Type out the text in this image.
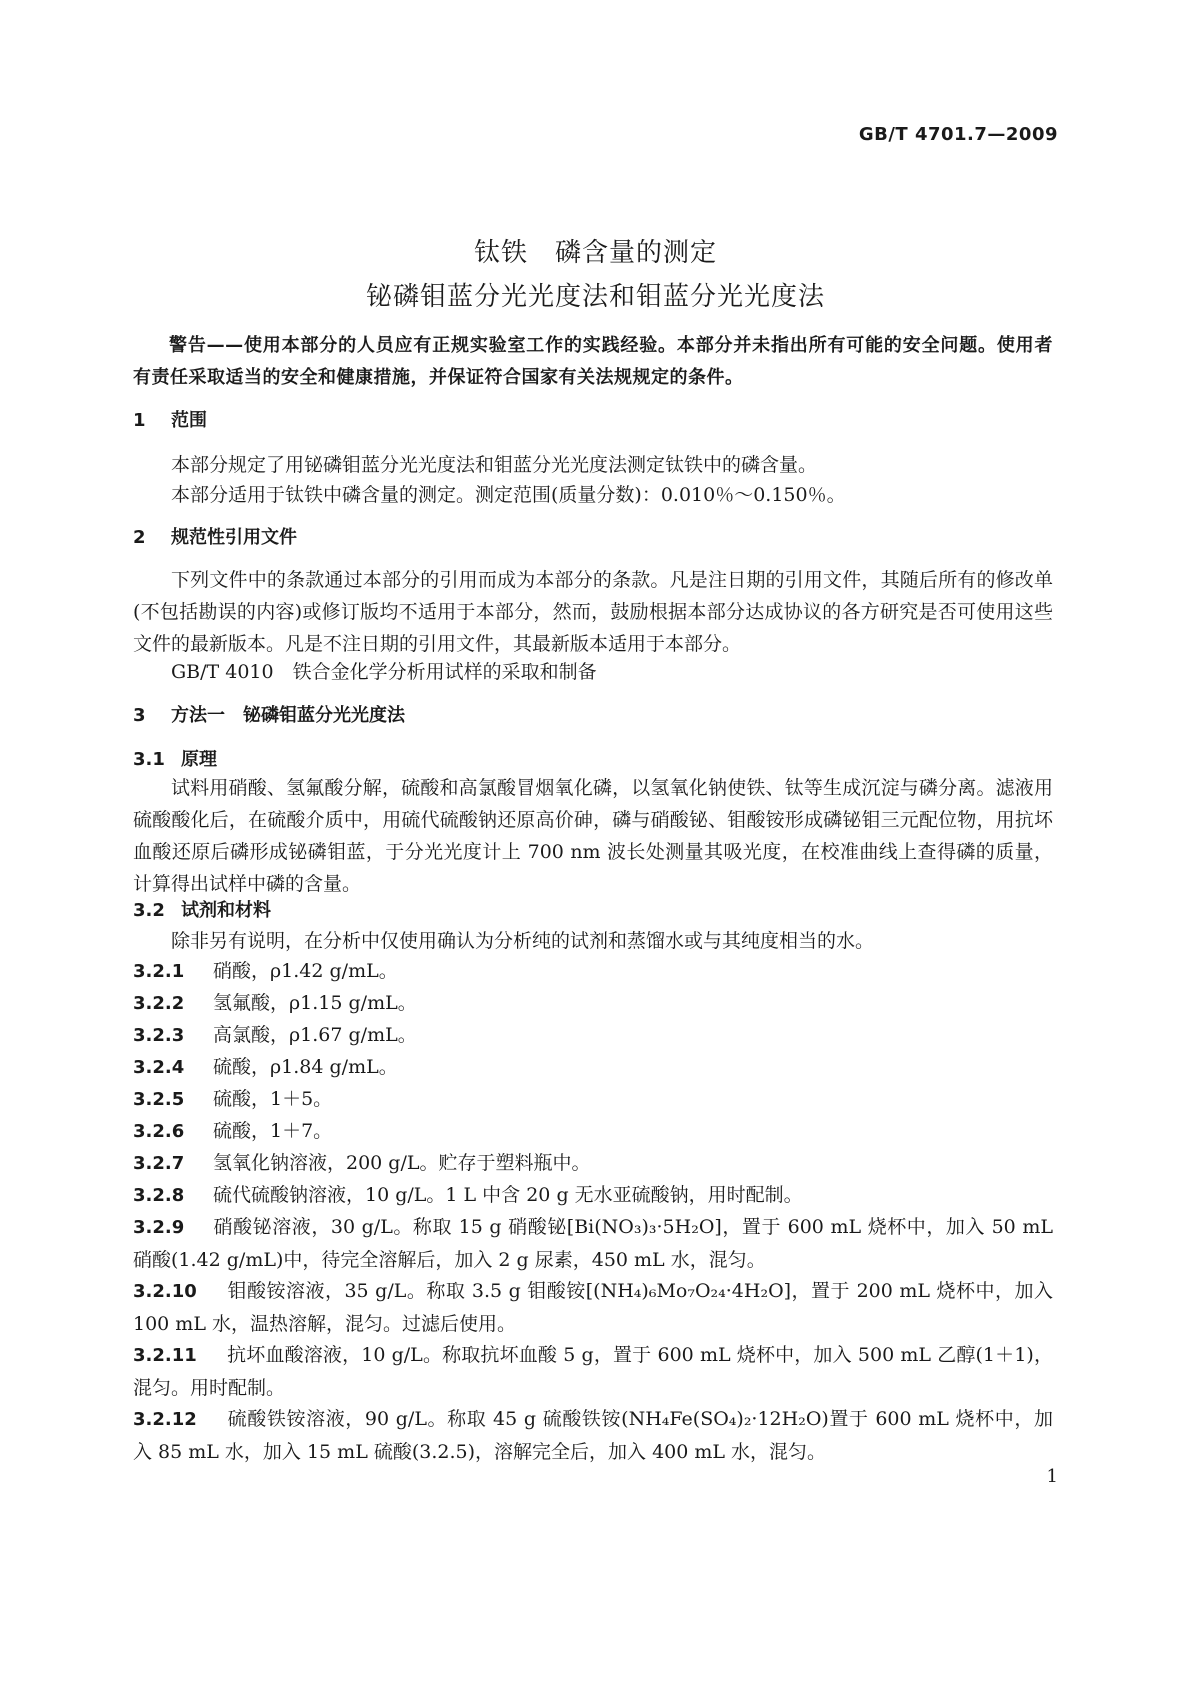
GB/T 4701.7—2009
钛铁　磷含量的测定
铋磷钼蓝分光光度法和钼蓝分光光度法
警告——使用本部分的人员应有正规实验室工作的实践经验。本部分并未指出所有可能的安全问题。使用者有责任采取适当的安全和健康措施，并保证符合国家有关法规规定的条件。
1 范围
本部分规定了用铋磷钼蓝分光光度法和钼蓝分光光度法测定钛铁中的磷含量。
本部分适用于钛铁中磷含量的测定。测定范围(质量分数)：0.010％～0.150％。
2 规范性引用文件
下列文件中的条款通过本部分的引用而成为本部分的条款。凡是注日期的引用文件，其随后所有的修改单(不包括勘误的内容)或修订版均不适用于本部分，然而，鼓励根据本部分达成协议的各方研究是否可使用这些文件的最新版本。凡是不注日期的引用文件，其最新版本适用于本部分。
GB/T 4010　铁合金化学分析用试样的采取和制备
3 方法一　铋磷钼蓝分光光度法
3.1 原理
试料用硝酸、氢氟酸分解，硫酸和高氯酸冒烟氧化磷，以氢氧化钠使铁、钛等生成沉淀与磷分离。滤液用硫酸酸化后，在硫酸介质中，用硫代硫酸钠还原高价砷，磷与硝酸铋、钼酸铵形成磷铋钼三元配位物，用抗坏血酸还原后磷形成铋磷钼蓝，于分光光度计上 700 nm 波长处测量其吸光度，在校准曲线上查得磷的质量，计算得出试样中磷的含量。
3.2 试剂和材料
除非另有说明，在分析中仅使用确认为分析纯的试剂和蒸馏水或与其纯度相当的水。
3.2.1 硝酸，ρ1.42 g/mL。
3.2.2 氢氟酸，ρ1.15 g/mL。
3.2.3 高氯酸，ρ1.67 g/mL。
3.2.4 硫酸，ρ1.84 g/mL。
3.2.5 硫酸，1＋5。
3.2.6 硫酸，1＋7。
3.2.7 氢氧化钠溶液，200 g/L。贮存于塑料瓶中。
3.2.8 硫代硫酸钠溶液，10 g/L。1 L 中含 20 g 无水亚硫酸钠，用时配制。
3.2.9 硝酸铋溶液，30 g/L。称取 15 g 硝酸铋[Bi(NO₃)₃·5H₂O]，置于 600 mL 烧杯中，加入 50 mL 硝酸(1.42 g/mL)中，待完全溶解后，加入 2 g 尿素，450 mL 水，混匀。
3.2.10 钼酸铵溶液，35 g/L。称取 3.5 g 钼酸铵[(NH₄)₆Mo₇O₂₄·4H₂O]，置于 200 mL 烧杯中，加入 100 mL 水，温热溶解，混匀。过滤后使用。
3.2.11 抗坏血酸溶液，10 g/L。称取抗坏血酸 5 g，置于 600 mL 烧杯中，加入 500 mL 乙醇(1＋1)，混匀。用时配制。
3.2.12 硫酸铁铵溶液，90 g/L。称取 45 g 硫酸铁铵(NH₄Fe(SO₄)₂·12H₂O)置于 600 mL 烧杯中，加入 85 mL 水，加入 15 mL 硫酸(3.2.5)，溶解完全后，加入 400 mL 水，混匀。
1
